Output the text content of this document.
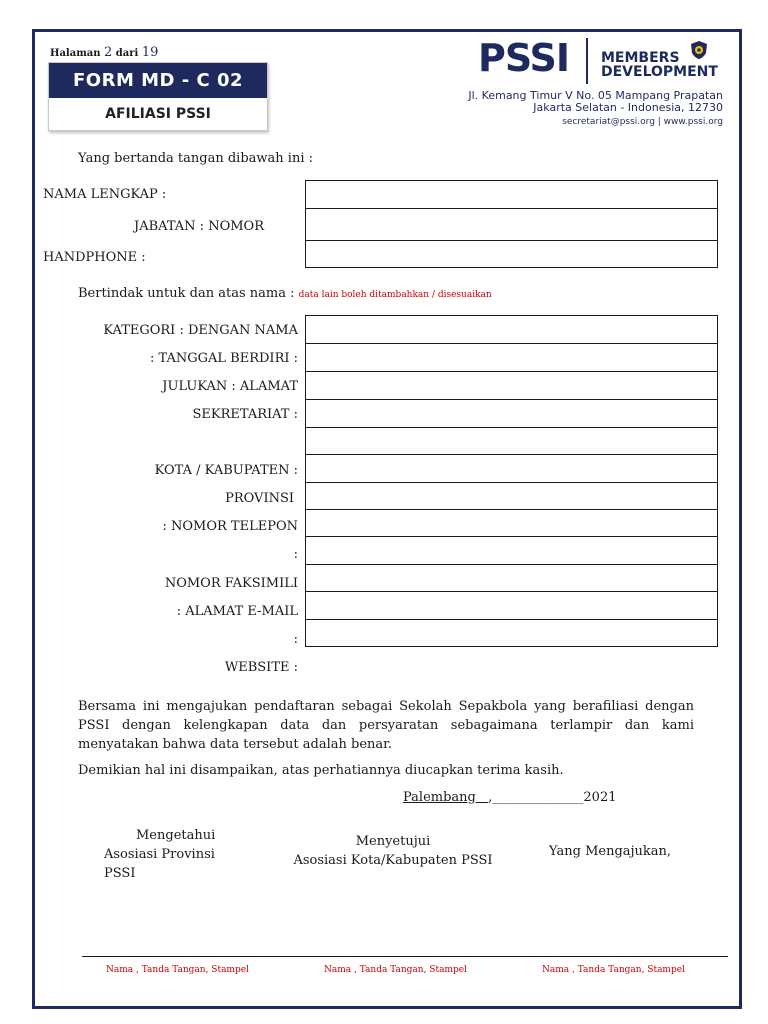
Halaman 2 dari 19
FORM MD - C 02
AFILIASI PSSI
PSSI MEMBERS
DEVELOPMENT
Jl. Kemang Timur V No. 05 Mampang Prapatan
Jakarta Selatan - Indonesia, 12730
secretariat@pssi.org | www.pssi.org
Yang bertanda tangan dibawah ini :
NAMA LENGKAP :
JABATAN : NOMOR
HANDPHONE :
Bertindak untuk dan atas nama : data lain boleh ditambahkan / disesuaikan
KATEGORI : DENGAN NAMA
: TANGGAL BERDIRI :
JULUKAN : ALAMAT
SEKRETARIAT :
KOTA / KABUPATEN :
PROVINSI
: NOMOR TELEPON
:
NOMOR FAKSIMILI
: ALAMAT E-MAIL
:
WEBSITE :
Bersama ini mengajukan pendaftaran sebagai Sekolah Sepakbola yang berafiliasi dengan PSSI dengan kelengkapan data dan persyaratan sebagaimana terlampir dan kami menyatakan bahwa data tersebut adalah benar.
Demikian hal ini disampaikan, atas perhatiannya diucapkan terima kasih.
Palembang ,______________2021
Mengetahui
Asosiasi Provinsi
PSSI
Menyetujui
Asosiasi Kota/Kabupaten PSSI
Yang Mengajukan,
Nama , Tanda Tangan, Stampel	Nama , Tanda Tangan, Stampel	Nama , Tanda Tangan, Stampel
